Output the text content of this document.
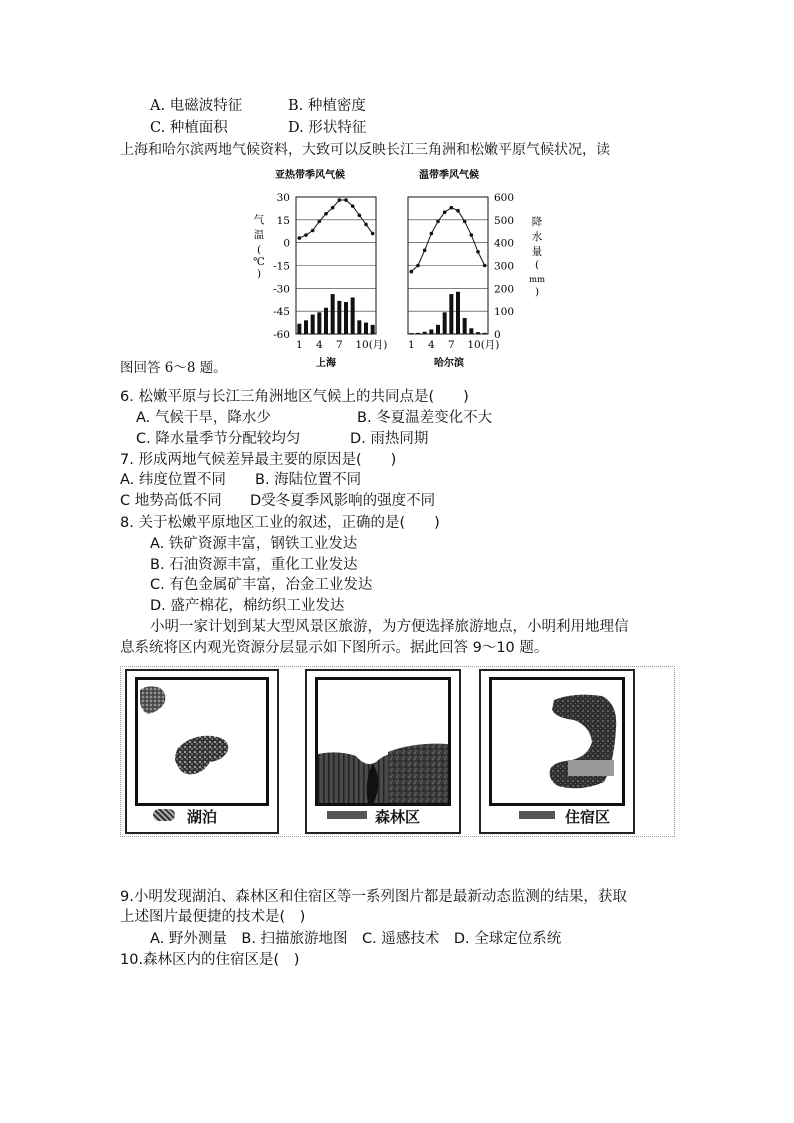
A. 电磁波特征	B. 种植密度
C. 种植面积	D. 形状特征
上海和哈尔滨两地气候资料，大致可以反映长江三角洲和松嫩平原气候状况，读
亚热带季风气候	温带季风气候
30
15
0
-15
-30
-45
-60
600
500
400
300
200
100
0
1 4 7 10(月) 1 4 7 10(月)
气
温
(
℃
)
降
水
量
(
mm
)
上海	哈尔滨
图回答 6～8 题。
6. 松嫩平原与长江三角洲地区气候上的共同点是(　　)
A. 气候干旱，降水少	B. 冬夏温差变化不大
C. 降水量季节分配较均匀	D. 雨热同期
7. 形成两地气候差异最主要的原因是(　　)
A. 纬度位置不同 B. 海陆位置不同
C 地势高低不同 D受冬夏季风影响的强度不同
8. 关于松嫩平原地区工业的叙述，正确的是(　　)
A. 铁矿资源丰富，钢铁工业发达
B. 石油资源丰富，重化工业发达
C. 有色金属矿丰富，冶金工业发达
D. 盛产棉花，棉纺织工业发达
小明一家计划到某大型风景区旅游，为方便选择旅游地点，小明利用地理信
息系统将区内观光资源分层显示如下图所示。据此回答 9～10 题。
湖泊	森林区	住宿区
9.小明发现湖泊、森林区和住宿区等一系列图片都是最新动态监测的结果，获取
上述图片最便捷的技术是(　)
A. 野外测量　B. 扫描旅游地图　C. 遥感技术　D. 全球定位系统
10.森林区内的住宿区是(　)
